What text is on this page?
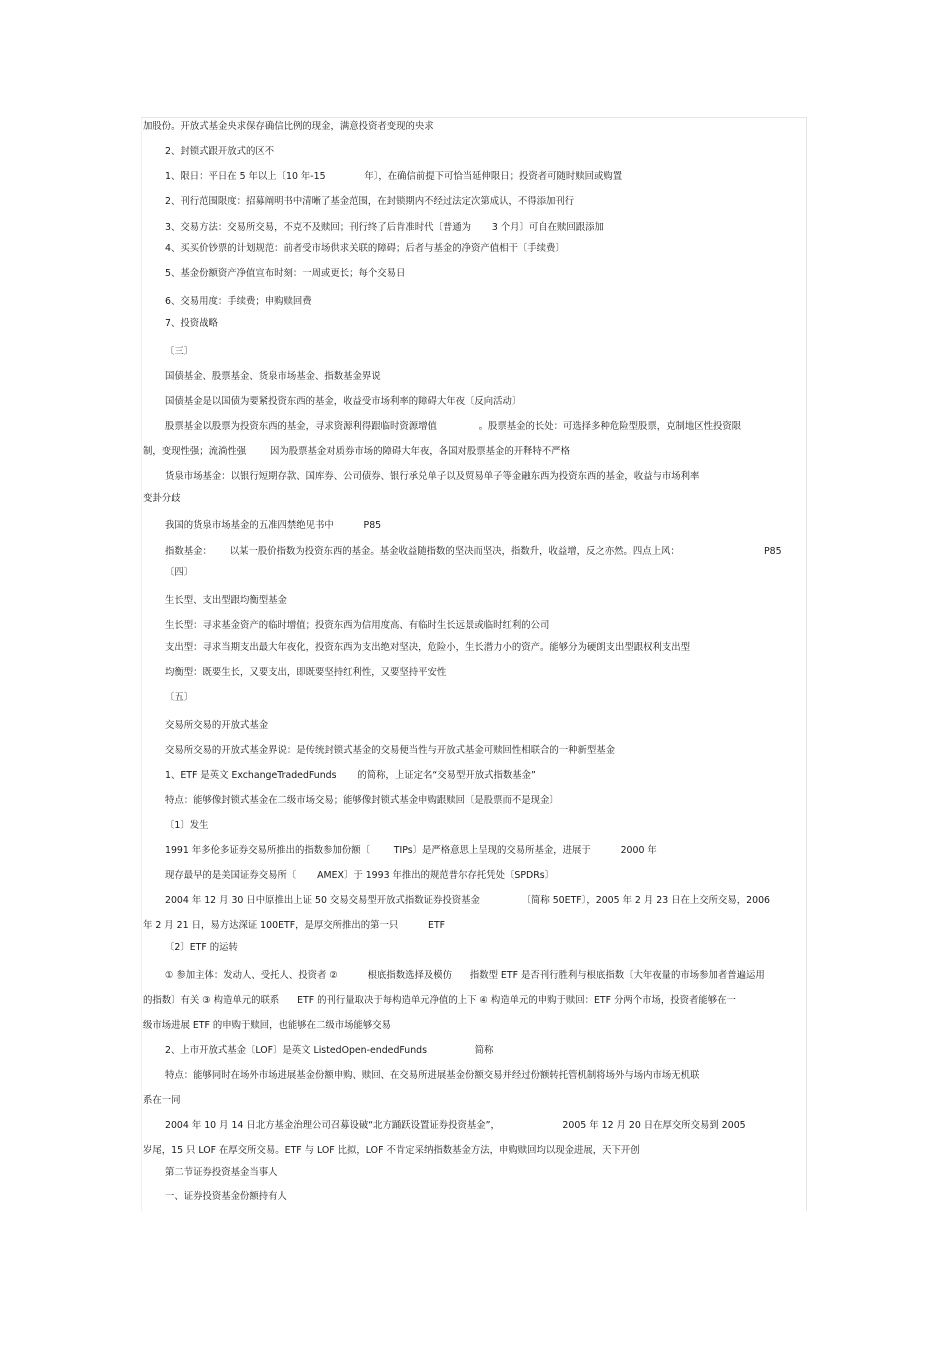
加股份。开放式基金央求保存确信比例的现金，满意投资者变现的央求
2、封锁式跟开放式的区不
1、限日：平日在 5 年以上〔10 年-15             年〕，在确信前提下可恰当延伸限日；投资者可随时赎回或购置
2、刊行范围限度：招募阐明书中清晰了基金范围，在封锁期内不经过法定次第成认，不得添加刊行
3、交易方法：交易所交易，不克不及赎回；刊行终了后肯准时代〔普通为       3 个月〕可自在赎回跟添加
4、买买价钞票的计划规范：前者受市场供求关联的障碍；后者与基金的净资产值相干〔手续费〕
5、基金份额资产净值宣布时刻：一周或更长；每个交易日
6、交易用度：手续费；申购赎回费
7、投资战略
〔三〕
国债基金、股票基金、货泉市场基金、指数基金界说
国债基金是以国债为要紧投资东西的基金，收益受市场利率的障碍大年夜〔反向活动〕
股票基金以股票为投资东西的基金，寻求资源利得跟临时资源增值              。股票基金的长处：可选择多种危险型股票，克制地区性投资限
制，变现性强；流淌性强        因为股票基金对质券市场的障碍大年夜，各国对股票基金的开释特不严格
货泉市场基金：以银行短期存款、国库券、公司债券、银行承兑单子以及贸易单子等金融东西为投资东西的基金，收益与市场利率
变卦分歧
我国的货泉市场基金的五准四禁绝见书中          P85
指数基金：      以某一股价指数为投资东西的基金。基金收益随指数的坚决而坚决，指数升，收益增，反之亦然。四点上风：	P85
〔四〕
生长型、支出型跟均衡型基金
生长型：寻求基金资产的临时增值；投资东西为信用度高、有临时生长远景或临时红利的公司
支出型：寻求当期支出最大年夜化，投资东西为支出绝对坚决，危险小，生长潜力小的资产。能够分为硬朗支出型跟权利支出型
均衡型：既要生长，又要支出，即既要坚持红利性，又要坚持平安性
〔五〕
交易所交易的开放式基金
交易所交易的开放式基金界说：是传统封锁式基金的交易便当性与开放式基金可赎回性相联合的一种新型基金
1、ETF 是英文 ExchangeTradedFunds       的简称，上证定名“交易型开放式指数基金”
特点：能够像封锁式基金在二级市场交易；能够像封锁式基金申购跟赎回〔是股票而不是现金〕
〔1〕发生
1991 年多伦多证券交易所推出的指数参加份额〔        TIPs〕是严格意思上呈现的交易所基金，进展于          2000 年
现存最早的是美国证券交易所〔       AMEX〕于 1993 年推出的规范普尔存托凭处〔SPDRs〕
2004 年 12 月 30 日中原推出上证 50 交易交易型开放式指数证券投资基金              〔简称 50ETF〕，2005 年 2 月 23 日在上交所交易，2006
年 2 月 21 日，易方达深证 100ETF，是厚交所推出的第一只          ETF
〔2〕ETF 的运转
① 参加主体：发动人、受托人、投资者 ②          根底指数选择及模仿      指数型 ETF 是否刊行胜利与根底指数〔大年夜量的市场参加者普遍运用
的指数〕有关 ③ 构造单元的联系      ETF 的刊行量取决于每构造单元净值的上下 ④ 构造单元的申购于赎回：ETF 分两个市场，投资者能够在一
级市场进展 ETF 的申购于赎回，也能够在二级市场能够交易
2、上市开放式基金〔LOF〕是英文 ListedOpen-endedFunds                简称
特点：能够同时在场外市场进展基金份额申购、赎回、在交易所进展基金份额交易并经过份额转托管机制将场外与场内市场无机联
系在一同
2004 年 10 月 14 日北方基金治理公司召募设破“北方踊跃设置证券投资基金”，                     2005 年 12 月 20 日在厚交所交易到 2005
岁尾，15 只 LOF 在厚交所交易。ETF 与 LOF 比拟，LOF 不肯定采纳指数基金方法，申购赎回均以现金进展，天下开创
第二节证券投资基金当事人
一、证券投资基金份额持有人
